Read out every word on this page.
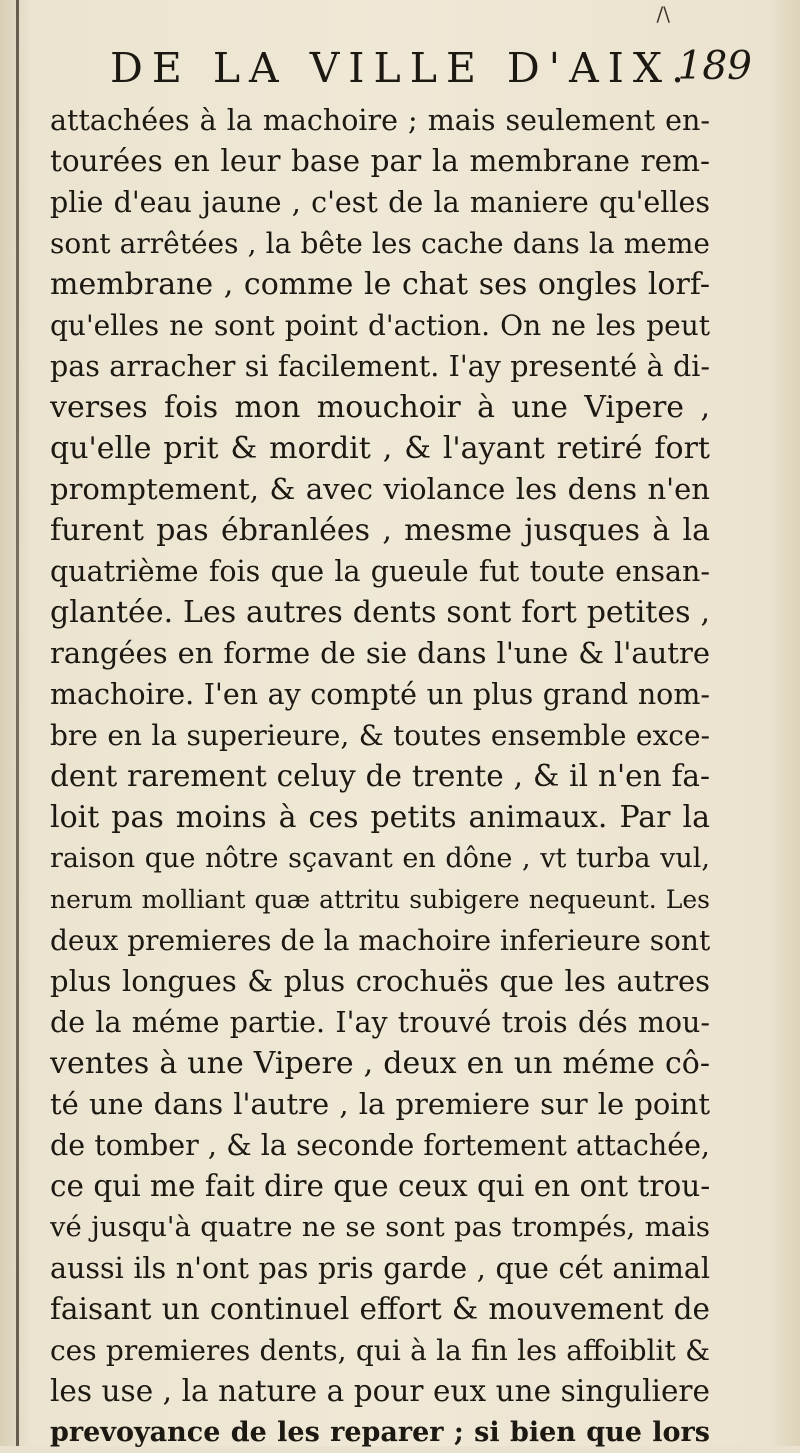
/\
DE LA VILLE D'AIX.
189
attachées à la machoire ; mais seulement en-
tourées en leur base par la membrane rem-
plie d'eau jaune , c'est de la maniere qu'elles
sont arrêtées , la bête les cache dans la meme
membrane , comme le chat ses ongles lorf-
qu'elles ne sont point d'action. On ne les peut
pas arracher si facilement. I'ay presenté à di-
verses fois mon mouchoir à une Vipere ,
qu'elle prit & mordit , & l'ayant retiré fort
promptement, & avec violance les dens n'en
furent pas ébranlées , mesme jusques à la
quatrième fois que la gueule fut toute ensan-
glantée. Les autres dents sont fort petites ,
rangées en forme de sie dans l'une & l'autre
machoire. I'en ay compté un plus grand nom-
bre en la superieure, & toutes ensemble exce-
dent rarement celuy de trente , & il n'en fa-
loit pas moins à ces petits animaux. Par la
raison que nôtre sçavant en dône , vt turba vul,
nerum molliant quæ attritu subigere nequeunt. Les
deux premieres de la machoire inferieure sont
plus longues & plus crochuës que les autres
de la méme partie. I'ay trouvé trois dés mou-
ventes à une Vipere , deux en un méme cô-
té une dans l'autre , la premiere sur le point
de tomber , & la seconde fortement attachée,
ce qui me fait dire que ceux qui en ont trou-
vé jusqu'à quatre ne se sont pas trompés, mais
aussi ils n'ont pas pris garde , que cét animal
faisant un continuel effort & mouvement de
ces premieres dents, qui à la fin les affoiblit &
les use , la nature a pour eux une singuliere
prevoyance de les reparer ; si bien que lors
